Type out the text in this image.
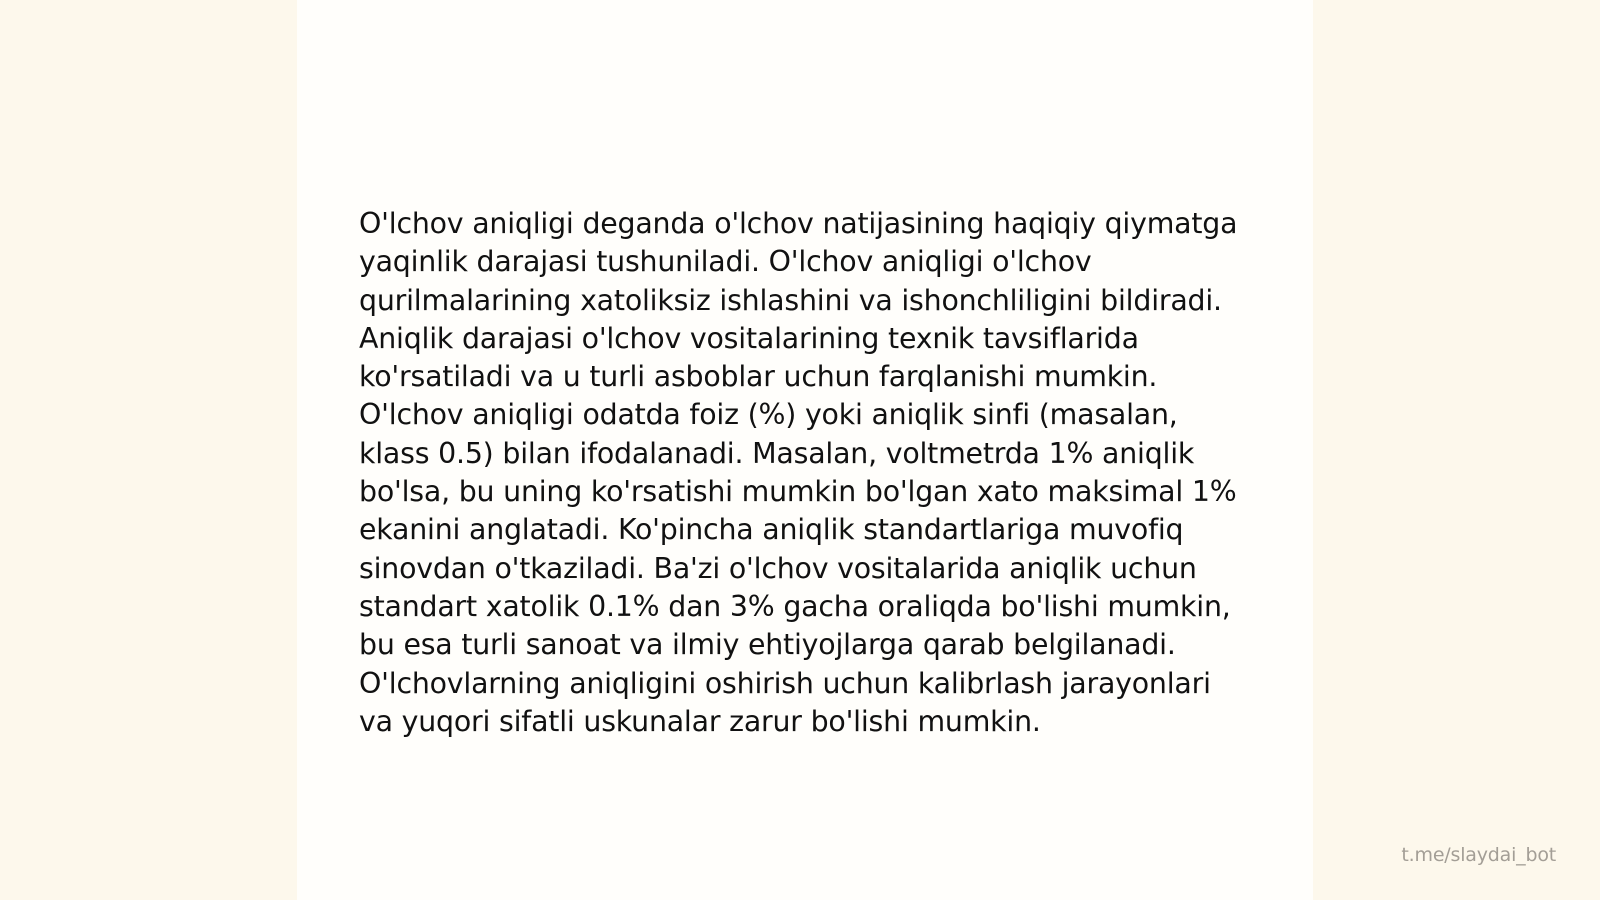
O'lchov aniqligi deganda o'lchov natijasining haqiqiy qiymatga yaqinlik darajasi tushuniladi. O'lchov aniqligi o'lchov qurilmalarining xatoliksiz ishlashini va ishonchliligini bildiradi. Aniqlik darajasi o'lchov vositalarining texnik tavsiflarida ko'rsatiladi va u turli asboblar uchun farqlanishi mumkin. O'lchov aniqligi odatda foiz (%) yoki aniqlik sinfi (masalan, klass 0.5) bilan ifodalanadi. Masalan, voltmetrda 1% aniqlik bo'lsa, bu uning ko'rsatishi mumkin bo'lgan xato maksimal 1% ekanini anglatadi. Ko'pincha aniqlik standartlariga muvofiq sinovdan o'tkaziladi. Ba'zi o'lchov vositalarida aniqlik uchun standart xatolik 0.1% dan 3% gacha oraliqda bo'lishi mumkin, bu esa turli sanoat va ilmiy ehtiyojlarga qarab belgilanadi. O'lchovlarning aniqligini oshirish uchun kalibrlash jarayonlari va yuqori sifatli uskunalar zarur bo'lishi mumkin.

t.me/slaydai_bot
